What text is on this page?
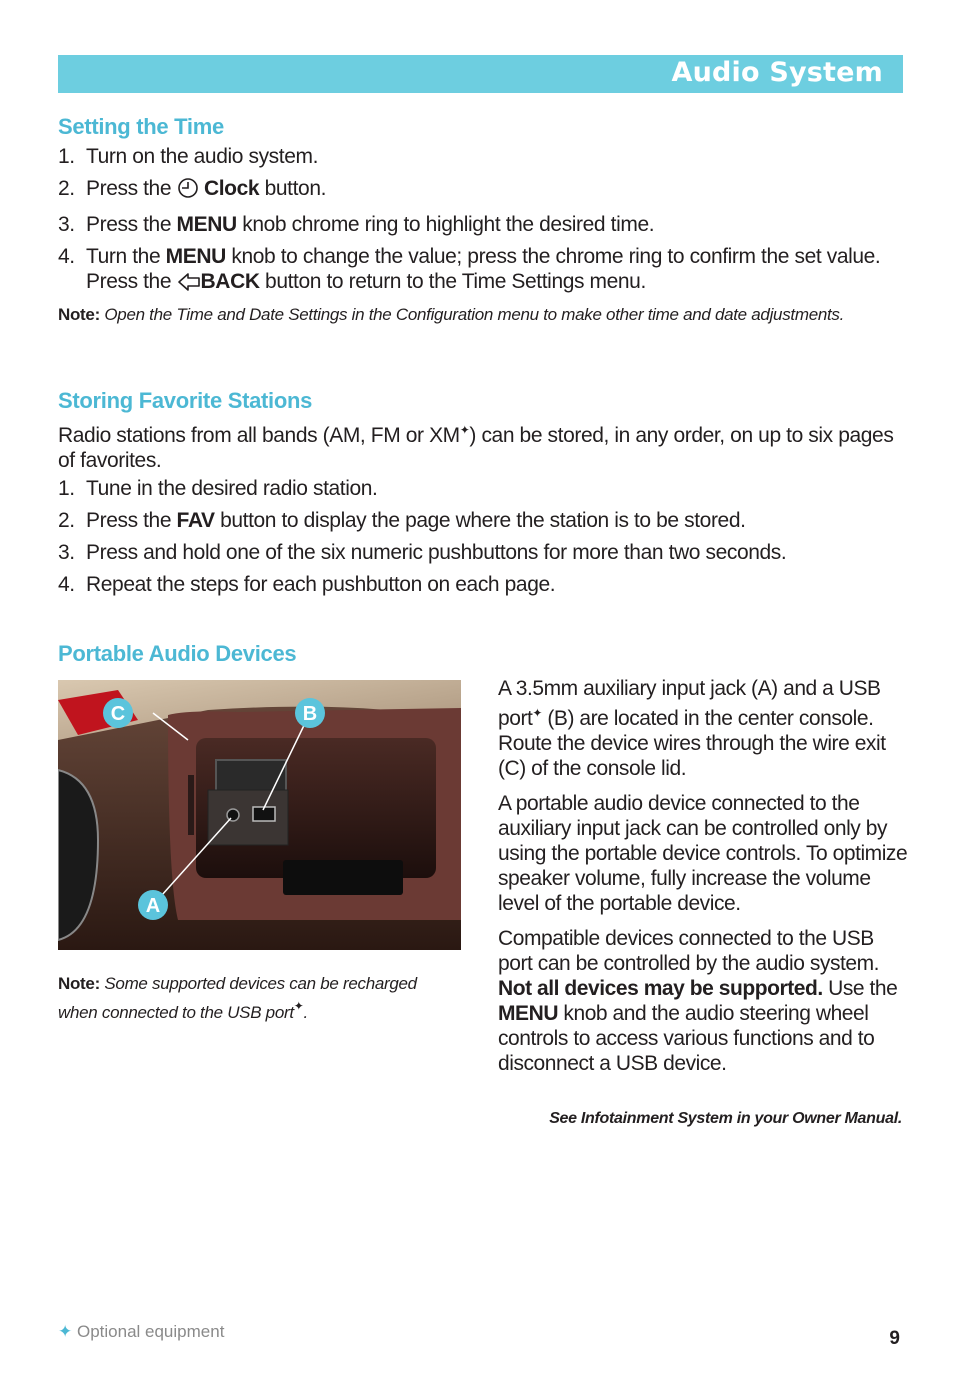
Audio System
Setting the Time
1. Turn on the audio system.
2. Press the  Clock button.
3. Press the MENU knob chrome ring to highlight the desired time.
4. Turn the MENU knob to change the value; press the chrome ring to confirm the set value. Press the BACK button to return to the Time Settings menu.
Note: Open the Time and Date Settings in the Configuration menu to make other time and date adjustments.
Storing Favorite Stations
Radio stations from all bands (AM, FM or XM✦) can be stored, in any order, on up to six pages of favorites.
1. Tune in the desired radio station.
2. Press the FAV button to display the page where the station is to be stored.
3. Press and hold one of the six numeric pushbuttons for more than two seconds.
4. Repeat the steps for each pushbutton on each page.
Portable Audio Devices
C	B
A
Note: Some supported devices can be recharged when connected to the USB port✦.

A 3.5mm auxiliary input jack (A) and a USB port✦ (B) are located in the center console. Route the device wires through the wire exit (C) of the console lid.

A portable audio device connected to the auxiliary input jack can be controlled only by using the portable device controls. To optimize speaker volume, fully increase the volume level of the portable device.

Compatible devices connected to the USB port can be controlled by the audio system. Not all devices may be supported. Use the MENU knob and the audio steering wheel controls to access various functions and to disconnect a USB device.

See Infotainment System in your Owner Manual.
✦ Optional equipment	9
